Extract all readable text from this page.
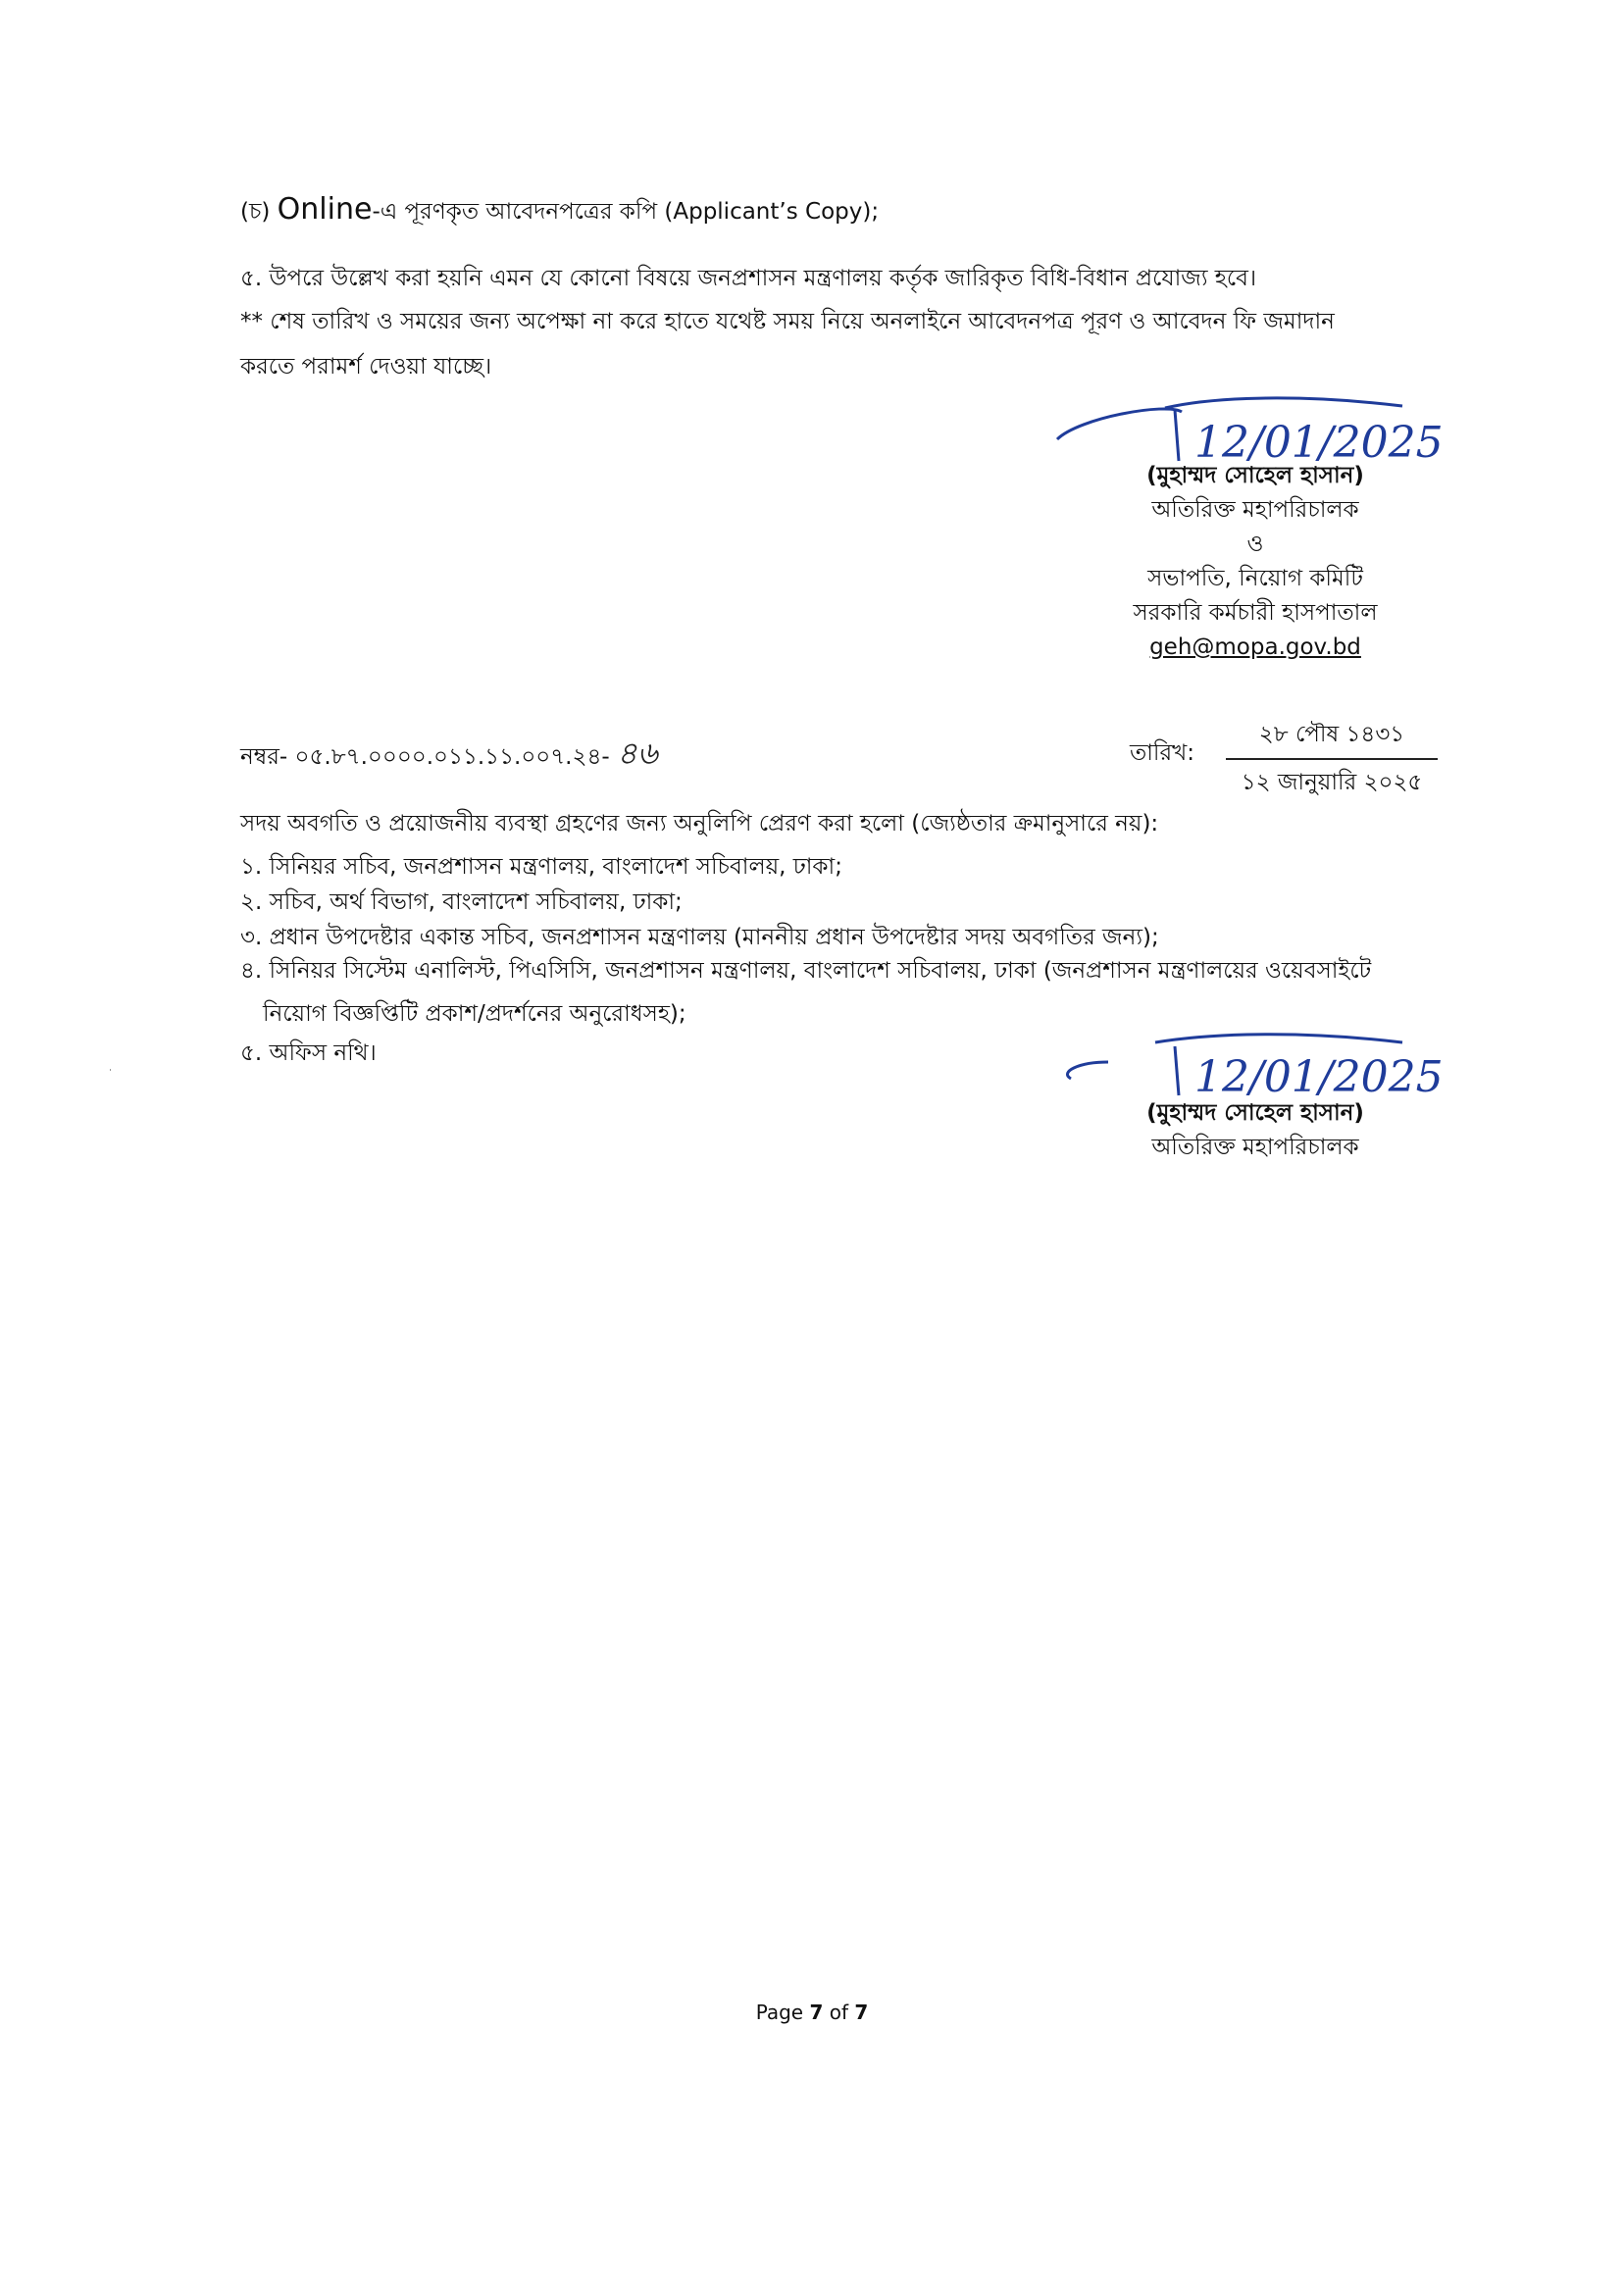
(চ) Online-এ পূরণকৃত আবেদনপত্রের কপি (Applicant’s Copy);
৫. উপরে উল্লেখ করা হয়নি এমন যে কোনো বিষয়ে জনপ্রশাসন মন্ত্রণালয় কর্তৃক জারিকৃত বিধি-বিধান প্রযোজ্য হবে।
** শেষ তারিখ ও সময়ের জন্য অপেক্ষা না করে হাতে যথেষ্ট সময় নিয়ে অনলাইনে আবেদনপত্র পূরণ ও আবেদন ফি জমাদান
করতে পরামর্শ দেওয়া যাচ্ছে।
12/01/2025
(মুহাম্মদ সোহেল হাসান)
অতিরিক্ত মহাপরিচালক
ও
সভাপতি, নিয়োগ কমিটি
সরকারি কর্মচারী হাসপাতাল
geh@mopa.gov.bd
নম্বর- ০৫.৮৭.০০০০.০১১.১১.০০৭.২৪- ৪৬	তারিখ:
২৮ পৌষ ১৪৩১
১২ জানুয়ারি ২০২৫
সদয় অবগতি ও প্রয়োজনীয় ব্যবস্থা গ্রহণের জন্য অনুলিপি প্রেরণ করা হলো (জ্যেষ্ঠতার ক্রমানুসারে নয়):
১. সিনিয়র সচিব, জনপ্রশাসন মন্ত্রণালয়, বাংলাদেশ সচিবালয়, ঢাকা;
২. সচিব, অর্থ বিভাগ, বাংলাদেশ সচিবালয়, ঢাকা;
৩. প্রধান উপদেষ্টার একান্ত সচিব, জনপ্রশাসন মন্ত্রণালয় (মাননীয় প্রধান উপদেষ্টার সদয় অবগতির জন্য);
৪. সিনিয়র সিস্টেম এনালিস্ট, পিএসিসি, জনপ্রশাসন মন্ত্রণালয়, বাংলাদেশ সচিবালয়, ঢাকা (জনপ্রশাসন মন্ত্রণালয়ের ওয়েবসাইটে
নিয়োগ বিজ্ঞপ্তিটি প্রকাশ/প্রদর্শনের অনুরোধসহ);
৫. অফিস নথি।	12/01/2025
(মুহাম্মদ সোহেল হাসান)
অতিরিক্ত মহাপরিচালক
Page 7 of 7
